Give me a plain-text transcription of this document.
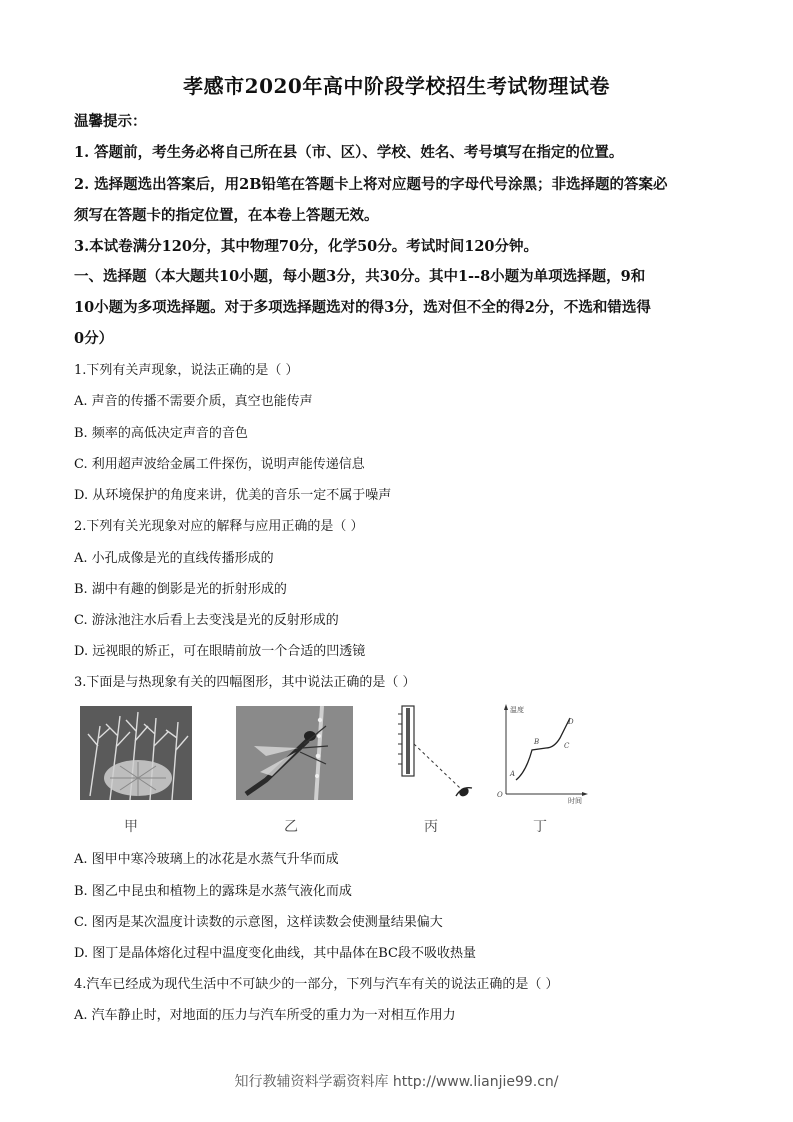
孝感市2020年高中阶段学校招生考试物理试卷
温馨提示：
1. 答题前，考生务必将自己所在县（市、区）、学校、姓名、考号填写在指定的位置。
2. 选择题选出答案后，用2B铅笔在答题卡上将对应题号的字母代号涂黑；非选择题的答案必
须写在答题卡的指定位置，在本卷上答题无效。
3.本试卷满分120分，其中物理70分，化学50分。考试时间120分钟。
一、选择题（本大题共10小题，每小题3分，共30分。其中1--8小题为单项选择题，9和
10小题为多项选择题。对于多项选择题选对的得3分，选对但不全的得2分，不选和错选得
0分）
1.下列有关声现象，说法正确的是（ ）
A. 声音的传播不需要介质，真空也能传声
B. 频率的高低决定声音的音色
C. 利用超声波给金属工件探伤，说明声能传递信息
D. 从环境保护的角度来讲，优美的音乐一定不属于噪声
2.下列有关光现象对应的解释与应用正确的是（ ）
A. 小孔成像是光的直线传播形成的
B. 湖中有趣的倒影是光的折射形成的
C. 游泳池注水后看上去变浅是光的反射形成的
D. 远视眼的矫正，可在眼睛前放一个合适的凹透镜
3.下面是与热现象有关的四幅图形，其中说法正确的是（ ）
温度
时间
O
A
B	C
D
甲	乙	丙	丁
A. 图甲中寒冷玻璃上的冰花是水蒸气升华而成
B. 图乙中昆虫和植物上的露珠是水蒸气液化而成
C. 图丙是某次温度计读数的示意图，这样读数会使测量结果偏大
D. 图丁是晶体熔化过程中温度变化曲线，其中晶体在BC段不吸收热量
4.汽车已经成为现代生活中不可缺少的一部分，下列与汽车有关的说法正确的是（ ）
A. 汽车静止时，对地面的压力与汽车所受的重力为一对相互作用力
知行教辅资料学霸资料库 http://www.lianjie99.cn/
